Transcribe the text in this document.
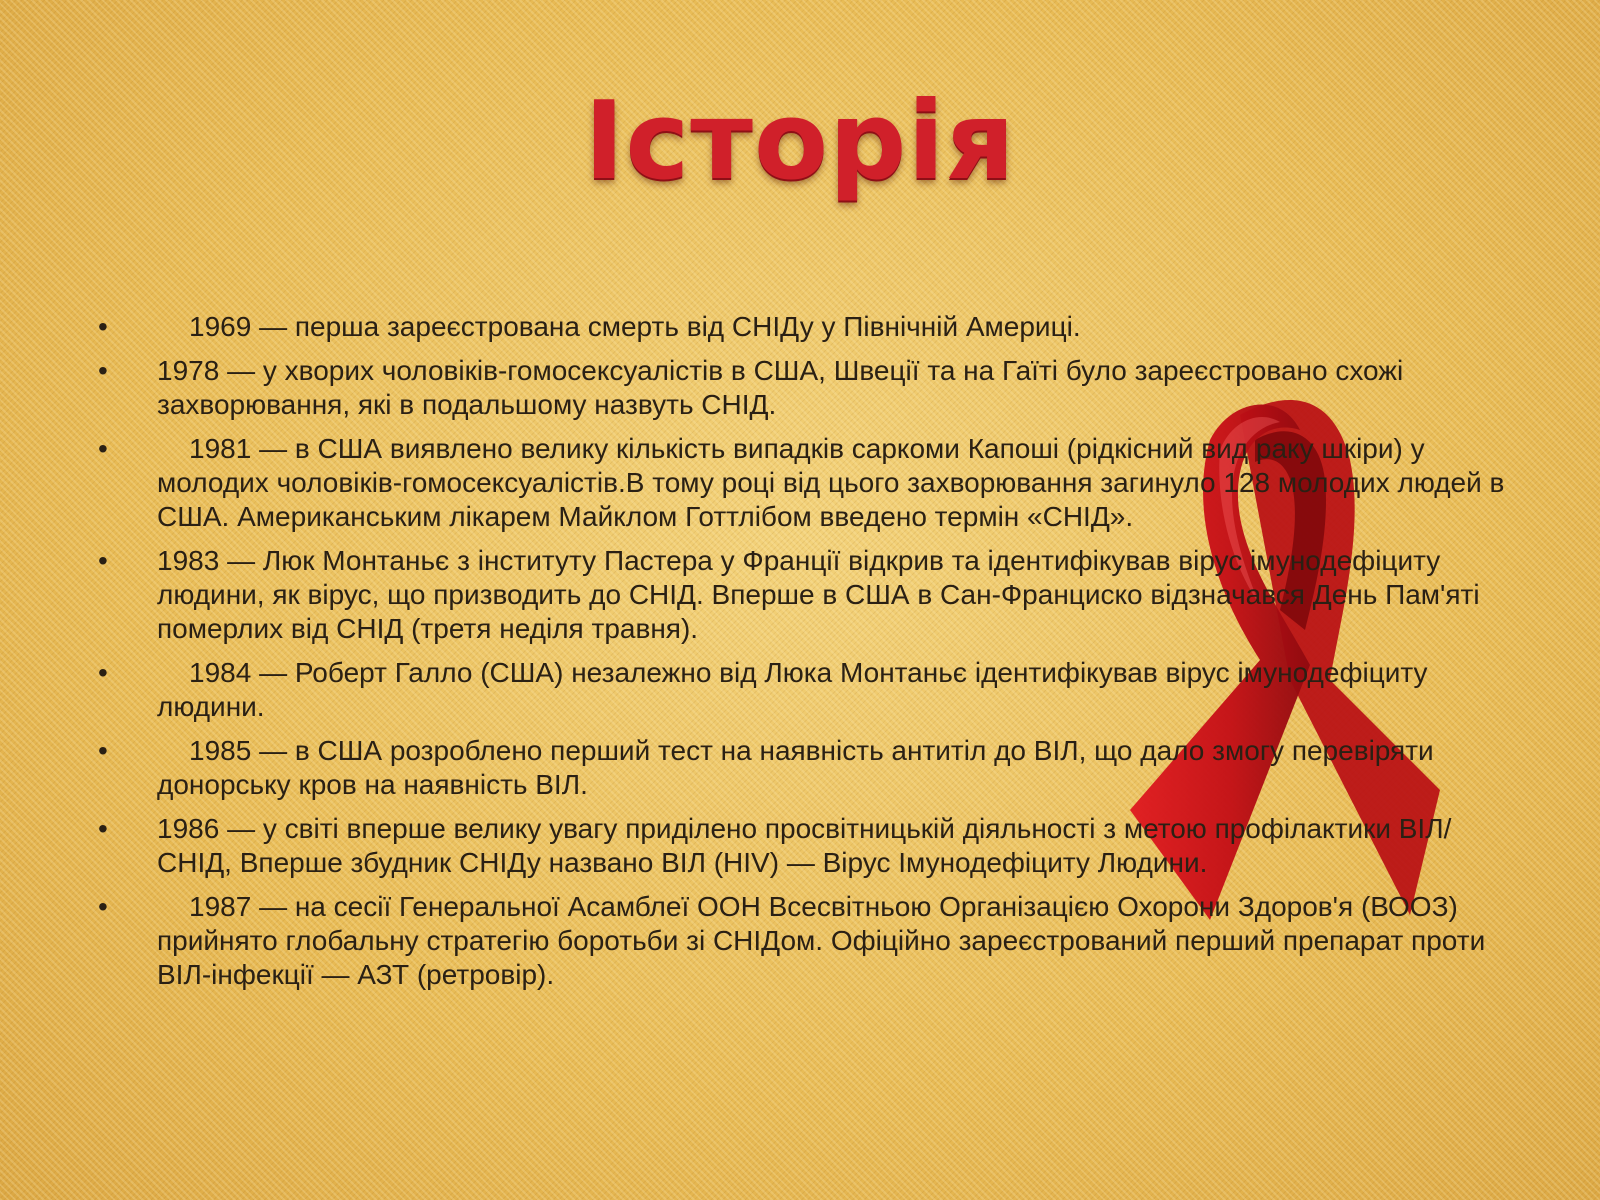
Історія
•	1969 — перша зареєстрована смерть від СНІДу у Північній Америці.
•	1978 — у хворих чоловіків-гомосексуалістів в США, Швеції та на Гаїті було зареєстровано схожі захворювання, які в подальшому назвуть СНІД.
•	1981 — в США виявлено велику кількість випадків саркоми Капоші (рідкісний вид раку шкіри) у молодих чоловіків-гомосексуалістів.В тому році від цього захворювання загинуло 128 молодих людей в США. Американським лікарем Майклом Готтлібом введено термін «СНІД».
•	1983 — Люк Монтаньє з інституту Пастера у Франції відкрив та ідентифікував вірус імунодефіциту людини, як вірус, що призводить до СНІД. Вперше в США в Сан-Франциско відзначався День Пам'яті померлих від СНІД (третя неділя травня).
•	1984 — Роберт Галло (США) незалежно від Люка Монтаньє ідентифікував вірус імунодефіциту людини.
•	1985 — в США розроблено перший тест на наявність антитіл до ВІЛ, що дало змогу перевіряти донорську кров на наявність ВІЛ.
•	1986 — у світі вперше велику увагу приділено просвітницькій діяльності з метою профілактики ВІЛ/СНІД, Вперше збудник СНІДу названо ВІЛ (HIV) — Вірус Імунодефіциту Людини.
•	1987 — на сесії Генеральної Асамблеї ООН Всесвітньою Організацією Охорони Здоров'я (ВООЗ) прийнято глобальну стратегію боротьби зі СНІДом. Офіційно зареєстрований перший препарат проти ВІЛ-інфекції — АЗТ (ретровір).
